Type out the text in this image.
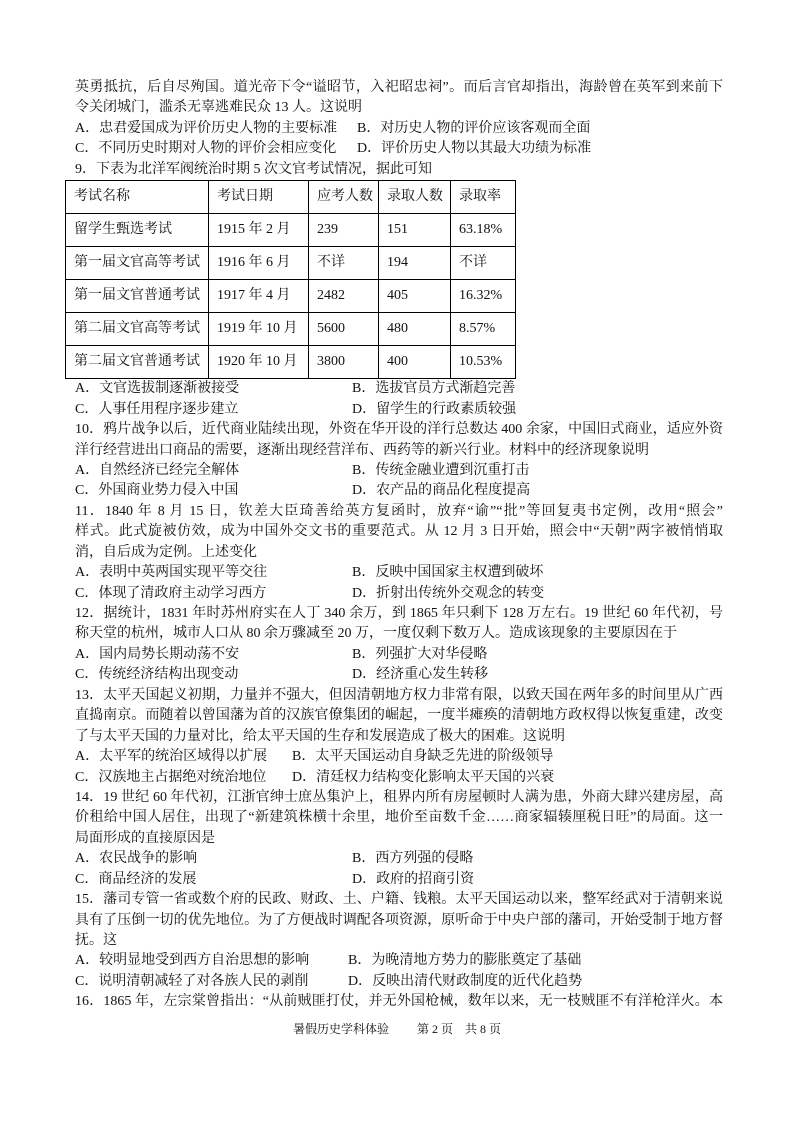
英勇抵抗，后自尽殉国。道光帝下令“谥昭节，入祀昭忠祠”。而后言官却指出，海龄曾在英军到来前下
令关闭城门，滥杀无辜逃难民众 13 人。这说明
A．忠君爱国成为评价历史人物的主要标准	B．对历史人物的评价应该客观而全面
C．不同历史时期对人物的评价会相应变化	D．评价历史人物以其最大功绩为标准
9．下表为北洋军阀统治时期 5 次文官考试情况，据此可知
考试名称	考试日期	应考人数	录取人数	录取率
留学生甄选考试	1915 年 2 月	239	151	63.18%
第一届文官高等考试	1916 年 6 月	不详	194	不详
第一届文官普通考试	1917 年 4 月	2482	405	16.32%
第二届文官高等考试	1919 年 10 月	5600	480	8.57%
第二届文官普通考试	1920 年 10 月	3800	400	10.53%
A．文官选拔制逐渐被接受	B．选拔官员方式渐趋完善
C．人事任用程序逐步建立	D．留学生的行政素质较强
10．鸦片战争以后，近代商业陆续出现，外资在华开设的洋行总数达 400 余家，中国旧式商业，适应外资
洋行经营进出口商品的需要，逐渐出现经营洋布、西药等的新兴行业。材料中的经济现象说明
A．自然经济已经完全解体	B．传统金融业遭到沉重打击
C．外国商业势力侵入中国	D．农产品的商品化程度提高
11．1840 年 8 月 15 日，钦差大臣琦善给英方复函时，放弃“谕”“批”等回复夷书定例，改用“照会”
样式。此式旋被仿效，成为中国外交文书的重要范式。从 12 月 3 日开始，照会中“天朝”两字被悄悄取
消，自后成为定例。上述变化
A．表明中英两国实现平等交往	B．反映中国国家主权遭到破坏
C．体现了清政府主动学习西方	D．折射出传统外交观念的转变
12．据统计，1831 年时苏州府实在人丁 340 余万，到 1865 年只剩下 128 万左右。19 世纪 60 年代初，号
称天堂的杭州，城市人口从 80 余万骤减至 20 万，一度仅剩下数万人。造成该现象的主要原因在于
A．国内局势长期动荡不安	B．列强扩大对华侵略
C．传统经济结构出现变动	D．经济重心发生转移
13．太平天国起义初期，力量并不强大，但因清朝地方权力非常有限，以致天国在两年多的时间里从广西
直捣南京。而随着以曾国藩为首的汉族官僚集团的崛起，一度半瘫痪的清朝地方政权得以恢复重建，改变
了与太平天国的力量对比，给太平天国的生存和发展造成了极大的困难。这说明
A．太平军的统治区域得以扩展	B．太平天国运动自身缺乏先进的阶级领导
C．汉族地主占据绝对统治地位	D．清廷权力结构变化影响太平天国的兴衰
14．19 世纪 60 年代初，江浙官绅士庶丛集沪上，租界内所有房屋顿时人满为患，外商大肆兴建房屋，高
价租给中国人居住，出现了“新建筑株横十余里，地价至亩数千金……商家辐辏厘税日旺”的局面。这一
局面形成的直接原因是
A．农民战争的影响	B．西方列强的侵略
C．商品经济的发展	D．政府的招商引资
15．藩司专管一省或数个府的民政、财政、土、户籍、钱粮。太平天国运动以来，整军经武对于清朝来说
具有了压倒一切的优先地位。为了方便战时调配各项资源，原听命于中央户部的藩司，开始受制于地方督
抚。这
A．较明显地受到西方自治思想的影响	B．为晚清地方势力的膨胀奠定了基础
C．说明清朝减轻了对各族人民的剥削	D．反映出清代财政制度的近代化趋势
16．1865 年，左宗棠曾指出：“从前贼匪打仗，并无外国枪械，数年以来，无一枝贼匪不有洋枪洋火。本
暑假历史学科体验 第 2 页　共 8 页
